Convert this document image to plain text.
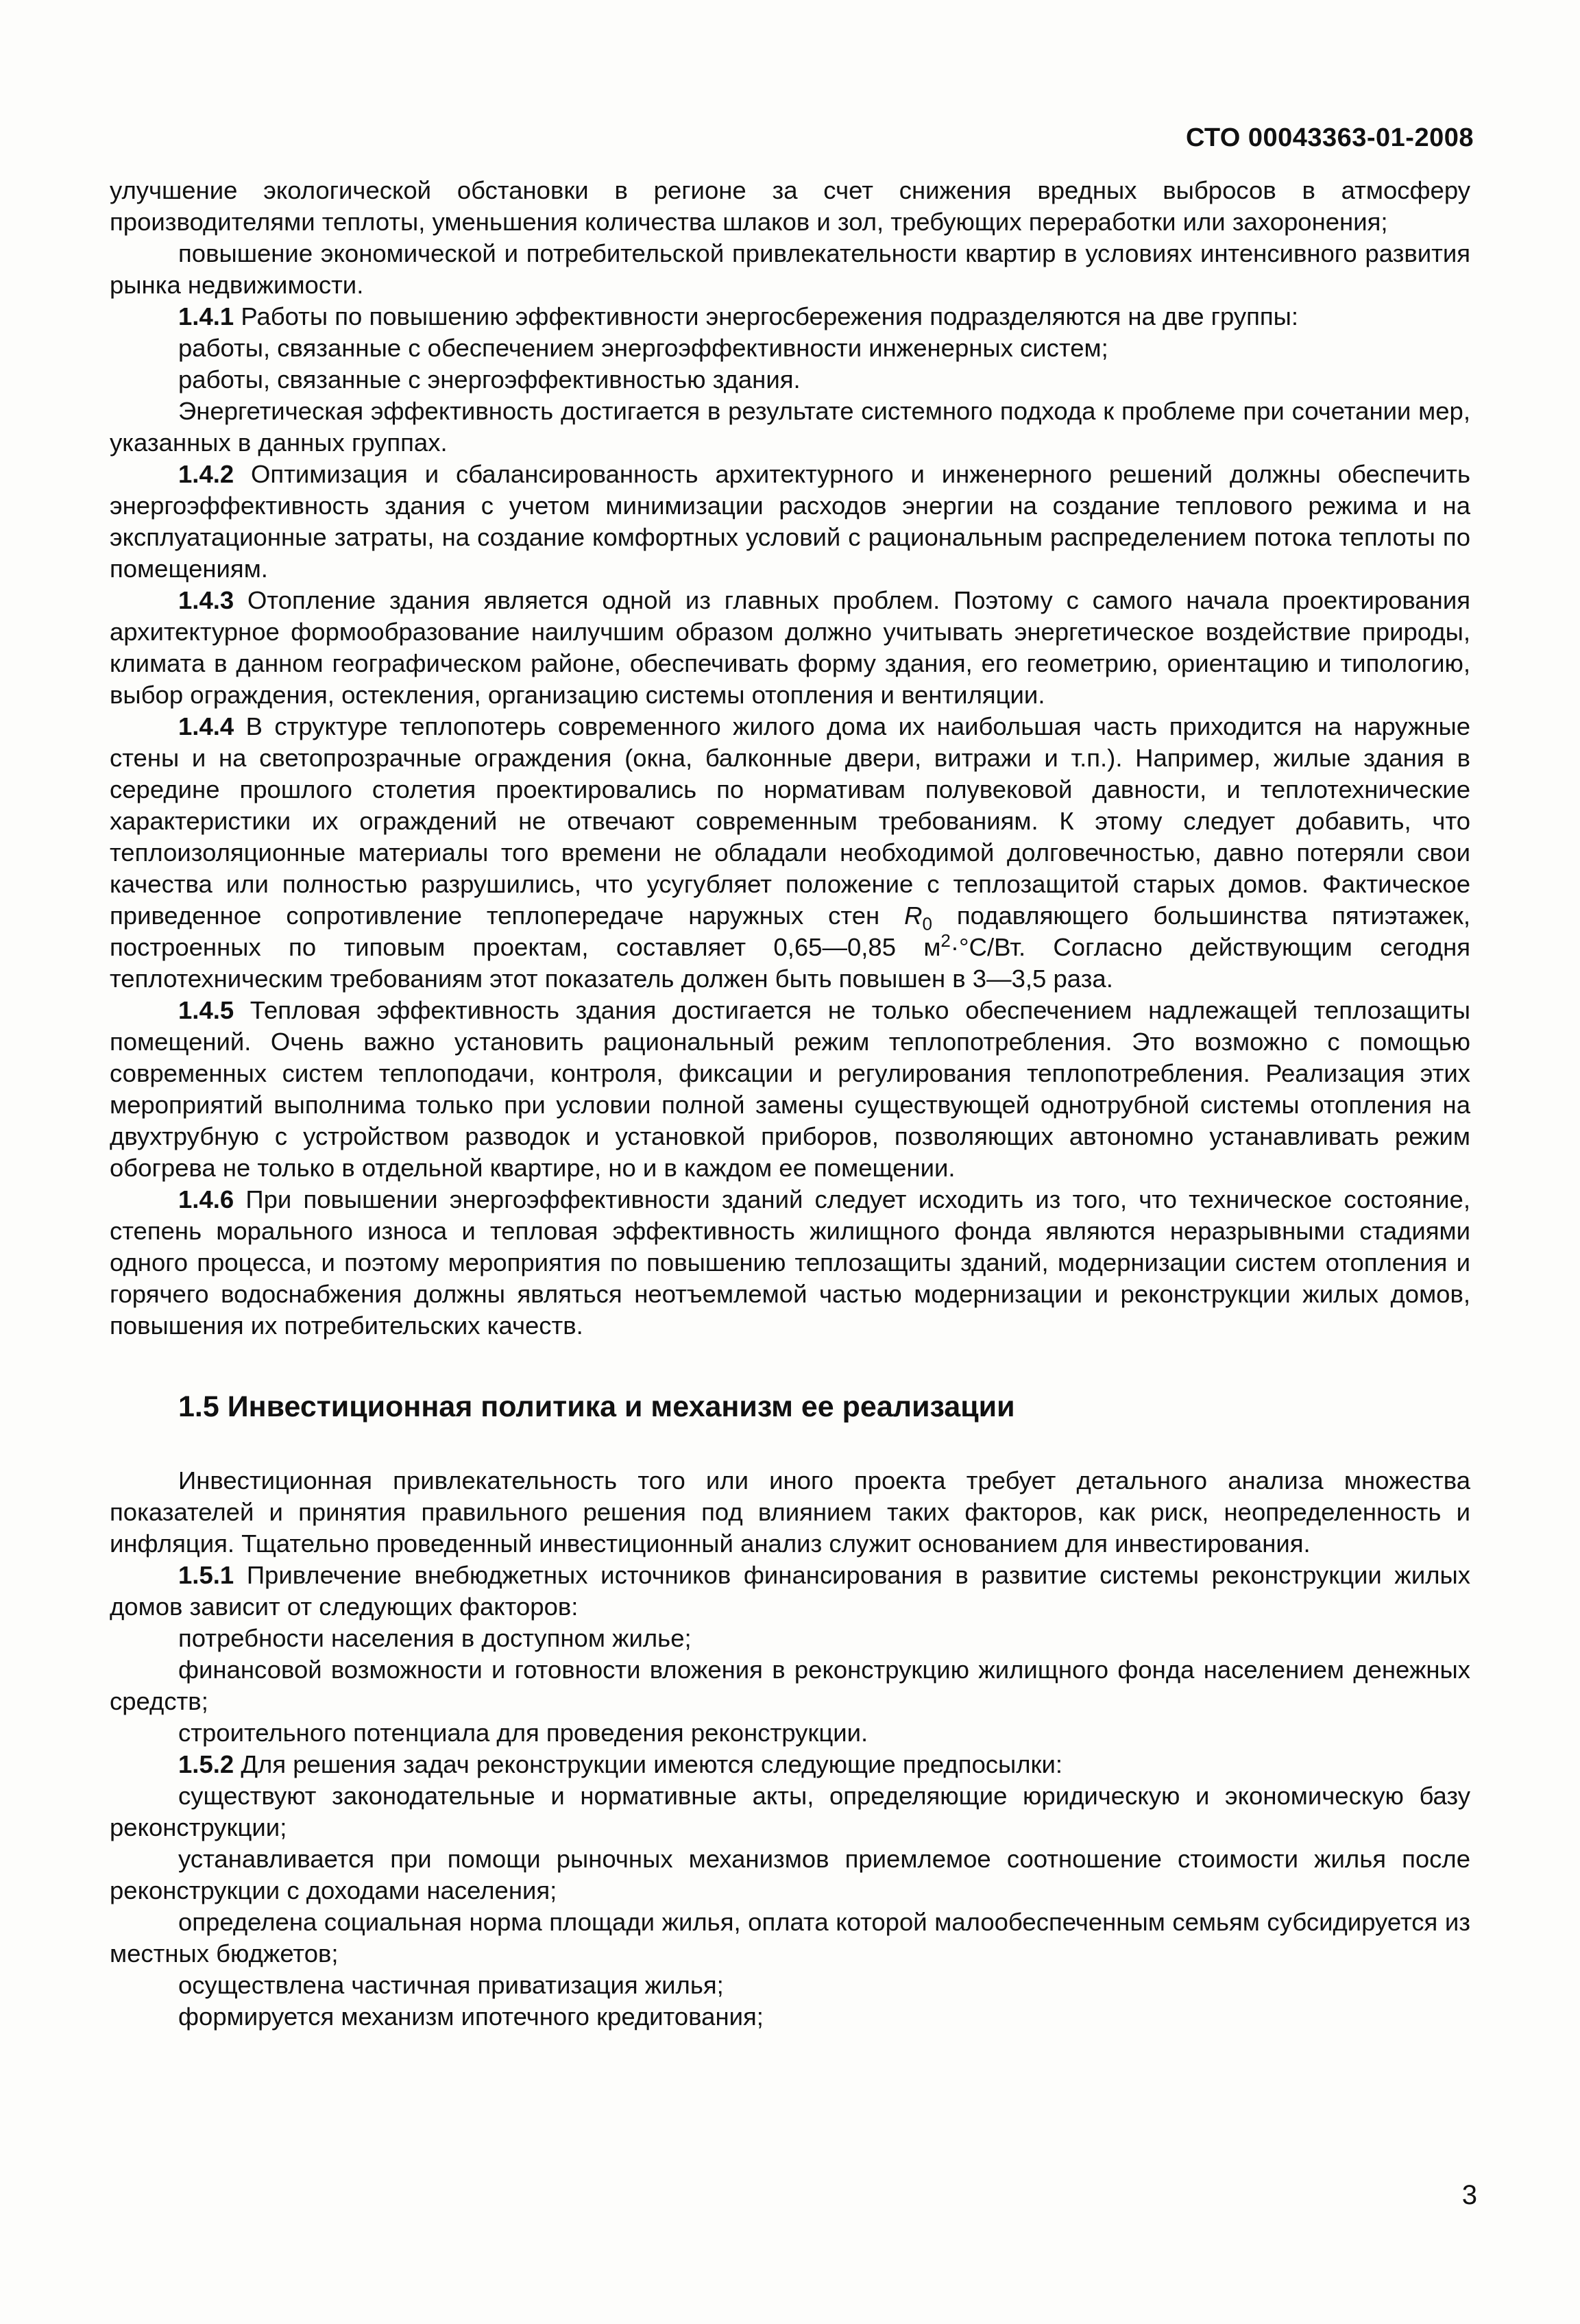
СТО 00043363-01-2008

улучшение экологической обстановки в регионе за счет снижения вредных выбросов в атмосферу производителями теплоты, уменьшения количества шлаков и зол, требующих переработки или захоронения;

повышение экономической и потребительской привлекательности квартир в условиях интенсивного развития рынка недвижимости.

1.4.1 Работы по повышению эффективности энергосбережения подразделяются на две группы:

работы, связанные с обеспечением энергоэффективности инженерных систем;

работы, связанные с энергоэффективностью здания.

Энергетическая эффективность достигается в результате системного подхода к проблеме при сочетании мер, указанных в данных группах.

1.4.2 Оптимизация и сбалансированность архитектурного и инженерного решений должны обеспечить энергоэффективность здания с учетом минимизации расходов энергии на создание теплового режима и на эксплуатационные затраты, на создание комфортных условий с рациональным распределением потока теплоты по помещениям.

1.4.3 Отопление здания является одной из главных проблем. Поэтому с самого начала проектирования архитектурное формообразование наилучшим образом должно учитывать энергетическое воздействие природы, климата в данном географическом районе, обеспечивать форму здания, его геометрию, ориентацию и типологию, выбор ограждения, остекления, организацию системы отопления и вентиляции.

1.4.4 В структуре теплопотерь современного жилого дома их наибольшая часть приходится на наружные стены и на светопрозрачные ограждения (окна, балконные двери, витражи и т.п.). Например, жилые здания в середине прошлого столетия проектировались по нормативам полувековой давности, и теплотехнические характеристики их ограждений не отвечают современным требованиям. К этому следует добавить, что теплоизоляционные материалы того времени не обладали необходимой долговечностью, давно потеряли свои качества или полностью разрушились, что усугубляет положение с теплозащитой старых домов. Фактическое приведенное сопротивление теплопередаче наружных стен $R_0$ подавляющего большинства пятиэтажек, построенных по типовым проектам, составляет 0,65—0,85 $м^2\cdot^\circ С/Вт$. Согласно действующим сегодня теплотехническим требованиям этот показатель должен быть повышен в 3—3,5 раза.

1.4.5 Тепловая эффективность здания достигается не только обеспечением надлежащей теплозащиты помещений. Очень важно установить рациональный режим теплопотребления. Это возможно с помощью современных систем теплоподачи, контроля, фиксации и регулирования теплопотребления. Реализация этих мероприятий выполнима только при условии полной замены существующей однотрубной системы отопления на двухтрубную с устройством разводок и установкой приборов, позволяющих автономно устанавливать режим обогрева не только в отдельной квартире, но и в каждом ее помещении.

1.4.6 При повышении энергоэффективности зданий следует исходить из того, что техническое состояние, степень морального износа и тепловая эффективность жилищного фонда являются неразрывными стадиями одного процесса, и поэтому мероприятия по повышению теплозащиты зданий, модернизации систем отопления и горячего водоснабжения должны являться неотъемлемой частью модернизации и реконструкции жилых домов, повышения их потребительских качеств.

1.5 Инвестиционная политика и механизм ее реализации

Инвестиционная привлекательность того или иного проекта требует детального анализа множества показателей и принятия правильного решения под влиянием таких факторов, как риск, неопределенность и инфляция. Тщательно проведенный инвестиционный анализ служит основанием для инвестирования.

1.5.1 Привлечение внебюджетных источников финансирования в развитие системы реконструкции жилых домов зависит от следующих факторов:

потребности населения в доступном жилье;

финансовой возможности и готовности вложения в реконструкцию жилищного фонда населением денежных средств;

строительного потенциала для проведения реконструкции.

1.5.2 Для решения задач реконструкции имеются следующие предпосылки:

существуют законодательные и нормативные акты, определяющие юридическую и экономическую базу реконструкции;

устанавливается при помощи рыночных механизмов приемлемое соотношение стоимости жилья после реконструкции с доходами населения;

определена социальная норма площади жилья, оплата которой малообеспеченным семьям субсидируется из местных бюджетов;

осуществлена частичная приватизация жилья;

формируется механизм ипотечного кредитования;

3
